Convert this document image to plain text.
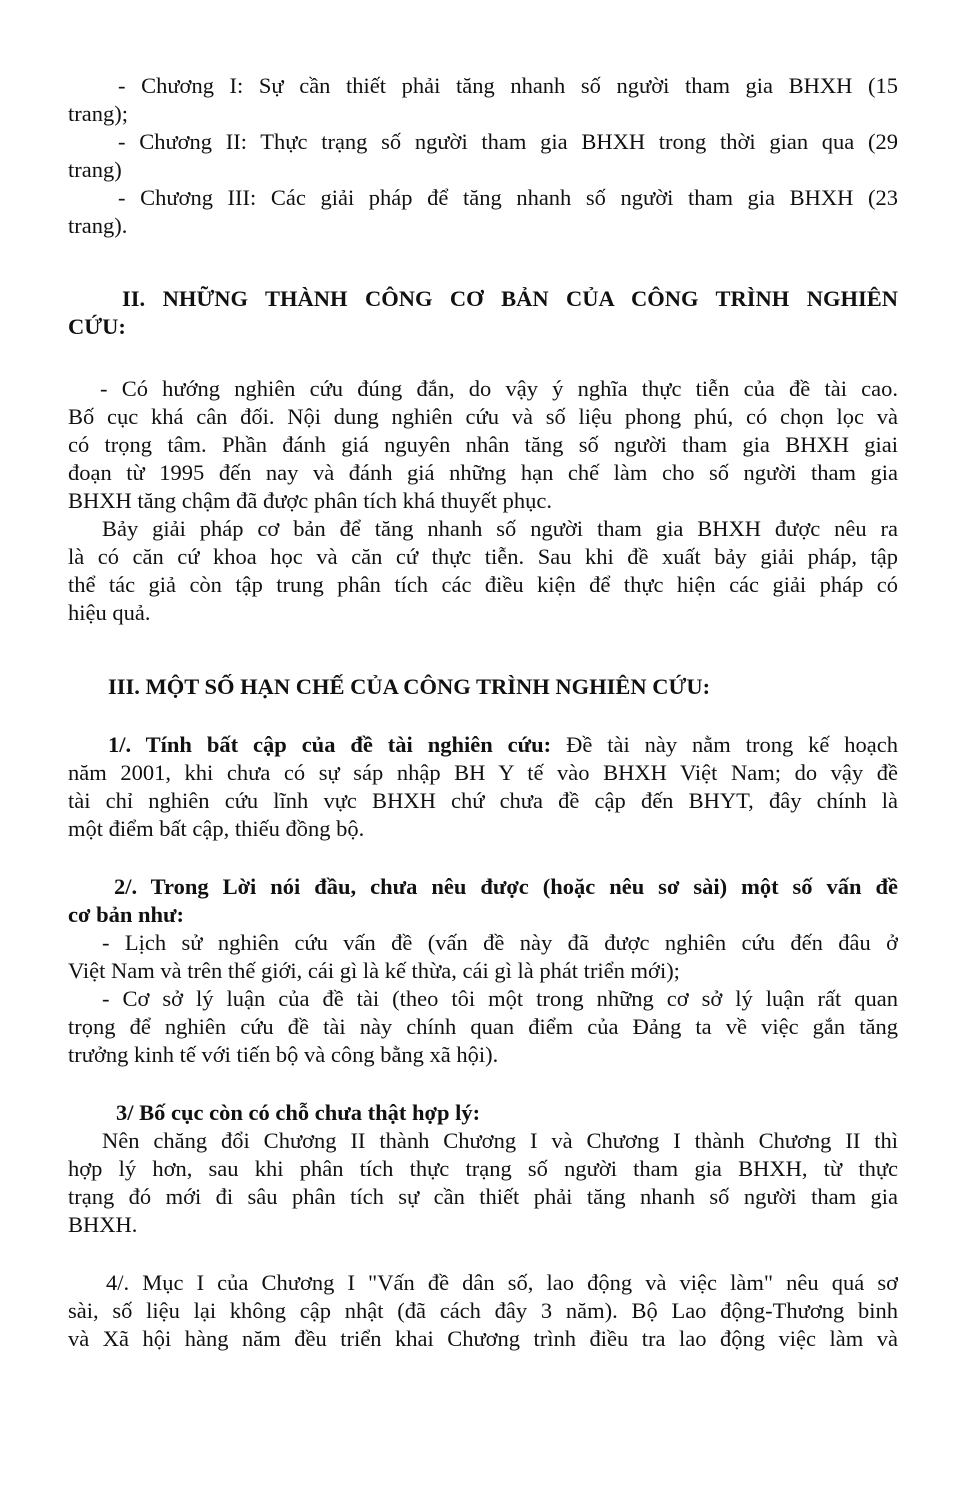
- Chương I: Sự cần thiết phải tăng nhanh số người tham gia BHXH (15
trang);
- Chương II: Thực trạng số người tham gia BHXH trong thời gian qua (29
trang)
- Chương III: Các giải pháp để tăng nhanh số người tham gia BHXH (23
trang).
II. NHỮNG THÀNH CÔNG CƠ BẢN CỦA CÔNG TRÌNH NGHIÊN
CỨU:
- Có hướng nghiên cứu đúng đắn, do vậy ý nghĩa thực tiễn của đề tài cao.
Bố cục khá cân đối. Nội dung nghiên cứu và số liệu phong phú, có chọn lọc và
có trọng tâm. Phần đánh giá nguyên nhân tăng số người tham gia BHXH giai
đoạn từ 1995 đến nay và đánh giá những hạn chế làm cho số người tham gia
BHXH tăng chậm đã được phân tích khá thuyết phục.
Bảy giải pháp cơ bản để tăng nhanh số người tham gia BHXH được nêu ra
là có căn cứ khoa học và căn cứ thực tiễn. Sau khi đề xuất bảy giải pháp, tập
thể tác giả còn tập trung phân tích các điều kiện để thực hiện các giải pháp có
hiệu quả.
III. MỘT SỐ HẠN CHẾ CỦA CÔNG TRÌNH NGHIÊN CỨU:
1/. Tính bất cập của đề tài nghiên cứu: Đề tài này nằm trong kế hoạch
năm 2001, khi chưa có sự sáp nhập BH Y tế vào BHXH Việt Nam; do vậy đề
tài chỉ nghiên cứu lĩnh vực BHXH chứ chưa đề cập đến BHYT, đây chính là
một điểm bất cập, thiếu đồng bộ.
2/. Trong Lời nói đầu, chưa nêu được (hoặc nêu sơ sài) một số vấn đề
cơ bản như:
- Lịch sử nghiên cứu vấn đề (vấn đề này đã được nghiên cứu đến đâu ở
Việt Nam và trên thế giới, cái gì là kế thừa, cái gì là phát triển mới);
- Cơ sở lý luận của đề tài (theo tôi một trong những cơ sở lý luận rất quan
trọng để nghiên cứu đề tài này chính quan điểm của Đảng ta về việc gắn tăng
trưởng kinh tế với tiến bộ và công bằng xã hội).
3/ Bố cục còn có chỗ chưa thật hợp lý:
Nên chăng đổi Chương II thành Chương I và Chương I thành Chương II thì
hợp lý hơn, sau khi phân tích thực trạng số người tham gia BHXH, từ thực
trạng đó mới đi sâu phân tích sự cần thiết phải tăng nhanh số người tham gia
BHXH.
4/. Mục I của Chương I "Vấn đề dân số, lao động và việc làm" nêu quá sơ
sài, số liệu lại không cập nhật (đã cách đây 3 năm). Bộ Lao động-Thương binh
và Xã hội hàng năm đều triển khai Chương trình điều tra lao động việc làm và
